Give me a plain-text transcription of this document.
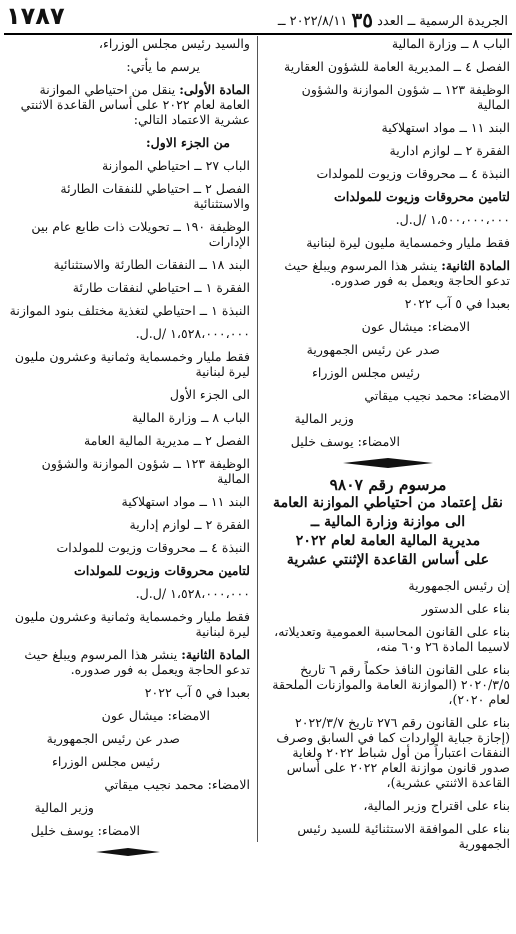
١٧٨٧	الجريدة الرسمية ــ العدد ٣٥ ٢٠٢٢/٨/١١ ــ
الباب ٨ ــ وزارة المالية
الفصل ٤ ــ المديرية العامة للشؤون العقارية
الوظيفة ١٢٣ ــ شؤون الموازنة والشؤون المالية
البند ١١ ــ مواد استهلاكية
الفقرة ٢ ــ لوازم ادارية
النبذة ٤ ــ محروقات وزيوت للمولدات
لتامين محروقات وزيوت للمولدات
١،٥٠٠،٠٠٠،٠٠٠ /ل.ل.
فقط مليار وخمسماية مليون ليرة لبنانية
المادة الثانية: ينشر هذا المرسوم ويبلغ حيث تدعو الحاجة ويعمل به فور صدوره.
بعبدا في ٥ آب ٢٠٢٢
الامضاء: ميشال عون
صدر عن رئيس الجمهورية
رئيس مجلس الوزراء
الامضاء: محمد نجيب ميقاتي
وزير المالية
الامضاء: يوسف خليل
مرسوم رقم ٩٨٠٧
نقل إعتماد من احتياطي الموازنة العامة
الى موازنة وزارة المالية ــ
مديرية المالية العامة لعام ٢٠٢٢
على أساس القاعدة الإثنتي عشرية
إن رئيس الجمهورية
بناء على الدستور
بناء على القانون المحاسبة العمومية وتعديلاته، لاسيما المادة ٢٦ و٦٠ منه،
بناء على القانون النافذ حكماً رقم ٦ تاريخ ٢٠٢٠/٣/٥ (الموازنة العامة والموازنات الملحقة لعام ٢٠٢٠)،
بناء على القانون رقم ٢٧٦ تاريخ ٢٠٢٢/٣/٧ (إجازة جباية الواردات كما في السابق وصرف النفقات اعتباراً من أول شباط ٢٠٢٢ ولغاية صدور قانون موازنة العام ٢٠٢٢ على أساس القاعدة الاثنتي عشرية)،
بناء على اقتراح وزير المالية،
بناء على الموافقة الاستثنائية للسيد رئيس الجمهورية
والسيد رئيس مجلس الوزراء،
يرسم ما يأتي:
المادة الأولى: ينقل من احتياطي الموازنة العامة لعام ٢٠٢٢ على أساس القاعدة الاثنتي عشرية الاعتماد التالي:
من الجزء الاول:
الباب ٢٧ ــ احتياطي الموازنة
الفصل ٢ ــ احتياطي للنفقات الطارئة والاستثنائية
الوظيفة ١٩٠ ــ تحويلات ذات طابع عام بين الإدارات
البند ١٨ ــ النفقات الطارئة والاستثنائية
الفقرة ١ ــ احتياطي لنفقات طارئة
النبذة ١ ــ احتياطي لتغذية مختلف بنود الموازنة
١،٥٢٨،٠٠٠،٠٠٠ /ل.ل.
فقط مليار وخمسماية وثمانية وعشرون مليون ليرة لبنانية
الى الجزء الأول
الباب ٨ ــ وزارة المالية
الفصل ٢ ــ مديرية المالية العامة
الوظيفة ١٢٣ ــ شؤون الموازنة والشؤون المالية
البند ١١ ــ مواد استهلاكية
الفقرة ٢ ــ لوازم إدارية
النبذة ٤ ــ محروقات وزيوت للمولدات
لتامين محروقات وزيوت للمولدات
١،٥٢٨،٠٠٠،٠٠٠ /ل.ل.
فقط مليار وخمسماية وثمانية وعشرون مليون ليرة لبنانية
المادة الثانية: ينشر هذا المرسوم ويبلغ حيث تدعو الحاجة ويعمل به فور صدوره.
بعبدا في ٥ آب ٢٠٢٢
الامضاء: ميشال عون
صدر عن رئيس الجمهورية
رئيس مجلس الوزراء
الامضاء: محمد نجيب ميقاتي
وزير المالية
الامضاء: يوسف خليل
